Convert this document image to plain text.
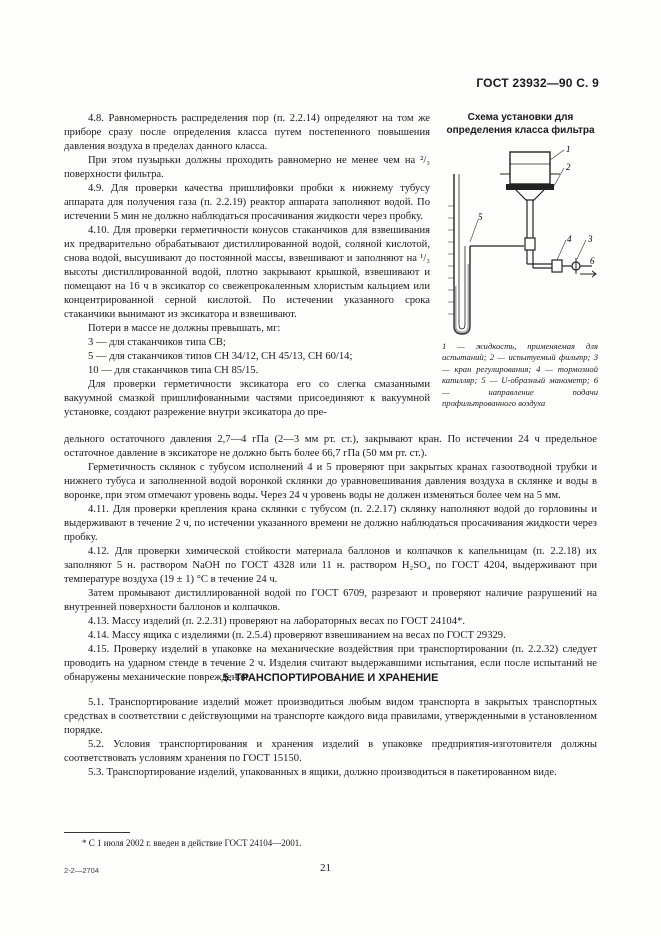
ГОСТ 23932—90 С. 9

4.8. Равномерность распределения пор (п. 2.2.14) определяют на том же приборе сразу после определения класса путем постепенного повышения давления воздуха в пределах данного класса.

При этом пузырьки должны проходить равномерно не менее чем на ²/₃ поверхности фильтра.

4.9. Для проверки качества пришлифовки пробки к нижнему тубусу аппарата для получения газа (п. 2.2.19) реактор аппарата заполняют водой. По истечении 5 мин не должно наблюдаться просачивания жидкости через пробку.

4.10. Для проверки герметичности конусов стаканчиков для взвешивания их предварительно обрабатывают дистиллированной водой, соляной кислотой, снова водой, высушивают до постоянной массы, взвешивают и заполняют на ¹/₃ высоты дистиллированной водой, плотно закрывают крышкой, взвешивают и помещают на 16 ч в эксикатор со свежепрокаленным хлористым кальцием или концентрированной серной кислотой. По истечении указанного срока стаканчики вынимают из эксикатора и взвешивают.

Потери в массе не должны превышать, мг:

3 — для стаканчиков типа СВ;

5 — для стаканчиков типов СН 34/12, СН 45/13, СН 60/14;

10 — для стаканчиков типа СН 85/15.

Для проверки герметичности эксикатора его со слегка смазанными вакуумной смазкой пришлифованными частями присоединяют к вакуумной установке, создают разрежение внутри эксикатора до пре-

Схема установки для
определения класса фильтра
1
2
3
4
5
6
1 — жидкость, применяемая для испытаний; 2 — испытуемый фильтр; 3 — кран регулирования; 4 — тормозной капилляр; 5 — U-образный манометр; 6 — направление подачи профильтрованного воздуха

дельного остаточного давления 2,7—4 гПа (2—3 мм рт. ст.), закрывают кран. По истечении 24 ч предельное остаточное давление в эксикаторе не должно быть более 66,7 гПа (50 мм рт. ст.).

Герметичность склянок с тубусом исполнений 4 и 5 проверяют при закрытых кранах газоотводной трубки и нижнего тубуса и заполненной водой воронкой склянки до уравновешивания давления воздуха в склянке и воды в воронке, при этом отмечают уровень воды. Через 24 ч уровень воды не должен изменяться более чем на 5 мм.

4.11. Для проверки крепления крана склянки с тубусом (п. 2.2.17) склянку наполняют водой до горловины и выдерживают в течение 2 ч, по истечении указанного времени не должно наблюдаться просачивания жидкости через пробку.

4.12. Для проверки химической стойкости материала баллонов и колпачков к капельницам (п. 2.2.18) их заполняют 5 н. раствором NaOH по ГОСТ 4328 или 11 н. раствором H₂SO₄ по ГОСТ 4204, выдерживают при температуре воздуха (19 ± 1) °С в течение 24 ч.

Затем промывают дистиллированной водой по ГОСТ 6709, разрезают и проверяют наличие разрушений на внутренней поверхности баллонов и колпачков.

4.13. Массу изделий (п. 2.2.31) проверяют на лабораторных весах по ГОСТ 24104*.

4.14. Массу ящика с изделиями (п. 2.5.4) проверяют взвешиванием на весах по ГОСТ 29329.

4.15. Проверку изделий в упаковке на механические воздействия при транспортировании (п. 2.2.32) следует проводить на ударном стенде в течение 2 ч. Изделия считают выдержавшими испытания, если после испытаний не обнаружены механические повреждения.

5. ТРАНСПОРТИРОВАНИЕ И ХРАНЕНИЕ

5.1. Транспортирование изделий может производиться любым видом транспорта в закрытых транспортных средствах в соответствии с действующими на транспорте каждого вида правилами, утвержденными в установленном порядке.

5.2. Условия транспортирования и хранения изделий в упаковке предприятия-изготовителя должны соответствовать условиям хранения по ГОСТ 15150.

5.3. Транспортирование изделий, упакованных в ящики, должно производиться в пакетированном виде.

* С 1 июля 2002 г. введен в действие ГОСТ 24104—2001.
21
2-2—2704
